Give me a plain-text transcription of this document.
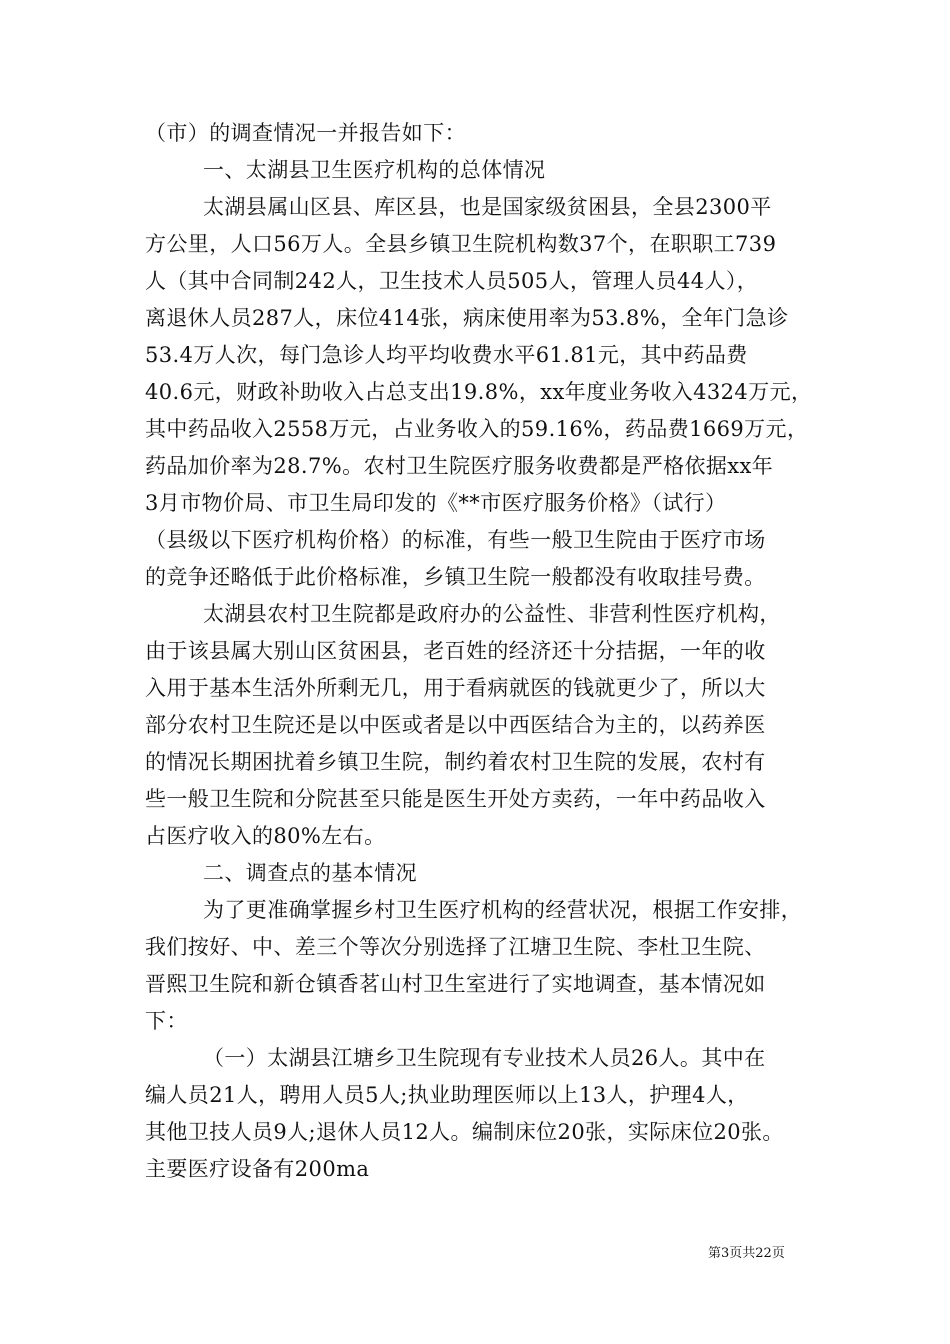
（市）的调查情况一并报告如下：
一、太湖县卫生医疗机构的总体情况
太湖县属山区县、库区县，也是国家级贫困县，全县2300平
方公里，人口56万人。全县乡镇卫生院机构数37个，在职职工739
人（其中合同制242人，卫生技术人员505人，管理人员44人），
离退休人员287人，床位414张，病床使用率为53.8%，全年门急诊
53.4万人次，每门急诊人均平均收费水平61.81元，其中药品费
40.6元，财政补助收入占总支出19.8%，xx年度业务收入4324万元，
其中药品收入2558万元，占业务收入的59.16%，药品费1669万元，
药品加价率为28.7%。农村卫生院医疗服务收费都是严格依据xx年
3月市物价局、市卫生局印发的《**市医疗服务价格》（试行）
（县级以下医疗机构价格）的标准，有些一般卫生院由于医疗市场
的竞争还略低于此价格标准，乡镇卫生院一般都没有收取挂号费。
太湖县农村卫生院都是政府办的公益性、非营利性医疗机构，
由于该县属大别山区贫困县，老百姓的经济还十分拮据，一年的收
入用于基本生活外所剩无几，用于看病就医的钱就更少了，所以大
部分农村卫生院还是以中医或者是以中西医结合为主的，以药养医
的情况长期困扰着乡镇卫生院，制约着农村卫生院的发展，农村有
些一般卫生院和分院甚至只能是医生开处方卖药，一年中药品收入
占医疗收入的80%左右。
二、调查点的基本情况
为了更准确掌握乡村卫生医疗机构的经营状况，根据工作安排，
我们按好、中、差三个等次分别选择了江塘卫生院、李杜卫生院、
晋熙卫生院和新仓镇香茗山村卫生室进行了实地调查，基本情况如
下：
（一）太湖县江塘乡卫生院现有专业技术人员26人。其中在
编人员21人，聘用人员5人;执业助理医师以上13人，护理4人，
其他卫技人员9人;退休人员12人。编制床位20张，实际床位20张。
主要医疗设备有200ma
第3页共22页
